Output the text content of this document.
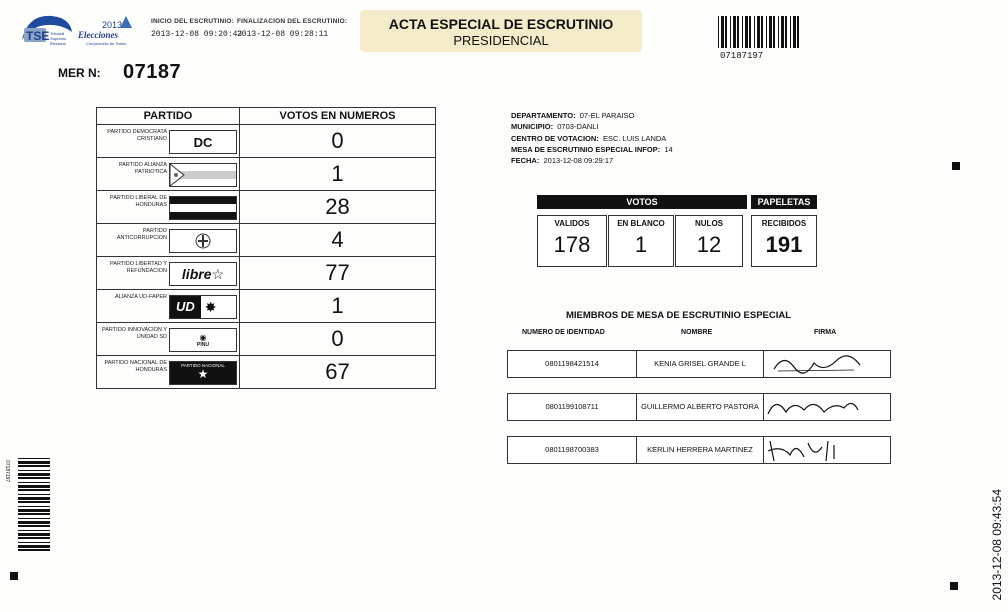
TSE Tribunal
Supremo
Electoral
2013
Elecciones
Compromiso de Todos
INICIO DEL ESCRUTINIO:
2013-12-08 09:20:43
FINALIZACION DEL ESCRUTINIO:
2013-12-08 09:28:11
ACTA ESPECIAL DE ESCRUTINIO
PRESIDENCIAL
07187197
MER N: 07187
PARTIDO	VOTOS EN NUMEROS

PARTIDO DEMOCRATA CRISTIANO DC	0

PARTIDO ALIANZA PATRIOTICA	1

PARTIDO LIBERAL DE HONDURAS	28

PARTIDO ANTICORRUPCION	4

PARTIDO LIBERTAD Y REFUNDACION libre ☆	77

ALIANZA UD-FAPER
UD ✸	1

PARTIDO INNOVACION Y UNIDAD SD ◉
PINU	0

PARTIDO NACIONAL DE HONDURAS
PARTIDO NACIONAL
★	67
DEPARTAMENTO: 07-EL PARAISO
MUNICIPIO: 0703-DANLI
CENTRO DE VOTACION: ESC. LUIS LANDA
MESA DE ESCRUTINIO ESPECIAL INFOP: 14
FECHA: 2013-12-08 09:29:17
VOTOS	PAPELETAS
VALIDOS
178
EN BLANCO
1
NULOS
12
RECIBIDOS
191
MIEMBROS DE MESA DE ESCRUTINIO ESPECIAL
NUMERO DE IDENTIDAD	NOMBRE	FIRMA
0801198421514	KENIA GRISEL GRANDE L
0801199108711	GUILLERMO ALBERTO PASTORA
0801198700383	KERLIN HERRERA MARTINEZ
07187197
2013-12-08 09:43:54
